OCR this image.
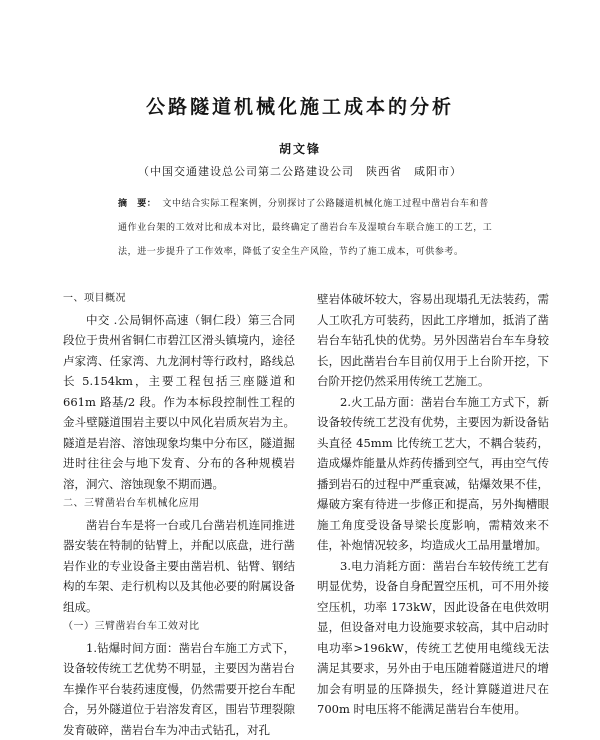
公路隧道机械化施工成本的分析
胡文锋
（中国交通建设总公司第二公路建设公司　陕西省　咸阳市）
摘　要： 文中结合实际工程案例，分别探讨了公路隧道机械化施工过程中凿岩台车和普通作业台架的工效对比和成本对比，最终确定了凿岩台车及湿喷台车联合施工的工艺，工法，进一步提升了工作效率，降低了安全生产风险，节约了施工成本，可供参考。
一、项目概况

中交 .公局铜怀高速（铜仁段）第三合同段位于贵州省铜仁市碧江区滑头镇境内，途径卢家湾、任家湾、九龙洞村等行政村，路线总长 5.154km，主要工程包括三座隧道和 661m 路基/2 段。作为本标段控制性工程的金斗壁隧道围岩主要以中风化岩质灰岩为主。隧道是岩溶、溶蚀现象均集中分布区，隧道掘进时往往会与地下发育、分布的各种规模岩溶，洞穴、溶蚀现象不期而遇。

二、三臂凿岩台车机械化应用

凿岩台车是将一台或几台凿岩机连同推进器安装在特制的钻臂上，并配以底盘，进行凿岩作业的专业设备主要由凿岩机、钻臂、钢结构的车架、走行机构以及其他必要的附属设备组成。

（一）三臂凿岩台车工效对比

1.钻爆时间方面：凿岩台车施工方式下，设备较传统工艺优势不明显，主要因为凿岩台车操作平台装药速度慢，仍然需要开挖台车配合，另外隧道位于岩溶发育区，围岩节理裂隙发育破碎，凿岩台车为冲击式钻孔，对孔

壁岩体破坏较大，容易出现塌孔无法装药，需人工吹孔方可装药，因此工序增加，抵消了凿岩台车钻孔快的优势。另外因凿岩台车车身较长，因此凿岩台车目前仅用于上台阶开挖，下台阶开挖仍然采用传统工艺施工。

2.火工品方面：凿岩台车施工方式下，新设备较传统工艺没有优势，主要因为新设备钻头直径 45mm 比传统工艺大，不耦合装药，造成爆炸能量从炸药传播到空气，再由空气传播到岩石的过程中严重衰减，钻爆效果不佳，爆破方案有待进一步修正和提高，另外掏槽眼施工角度受设备导梁长度影响，需精效来不佳，补炮情况较多，均造成火工品用量增加。

3.电力消耗方面：凿岩台车较传统工艺有明显优势，设备自身配置空压机，可不用外接空压机，功率 173kW，因此设备在电供效明显，但设备对电力设施要求较高，其中启动时电功率>196kW，传统工艺使用电缆线无法满足其要求，另外由于电压随着隧道进尺的增加会有明显的压降损失，经计算隧道进尺在 700m 时电压将不能满足凿岩台车使用。
